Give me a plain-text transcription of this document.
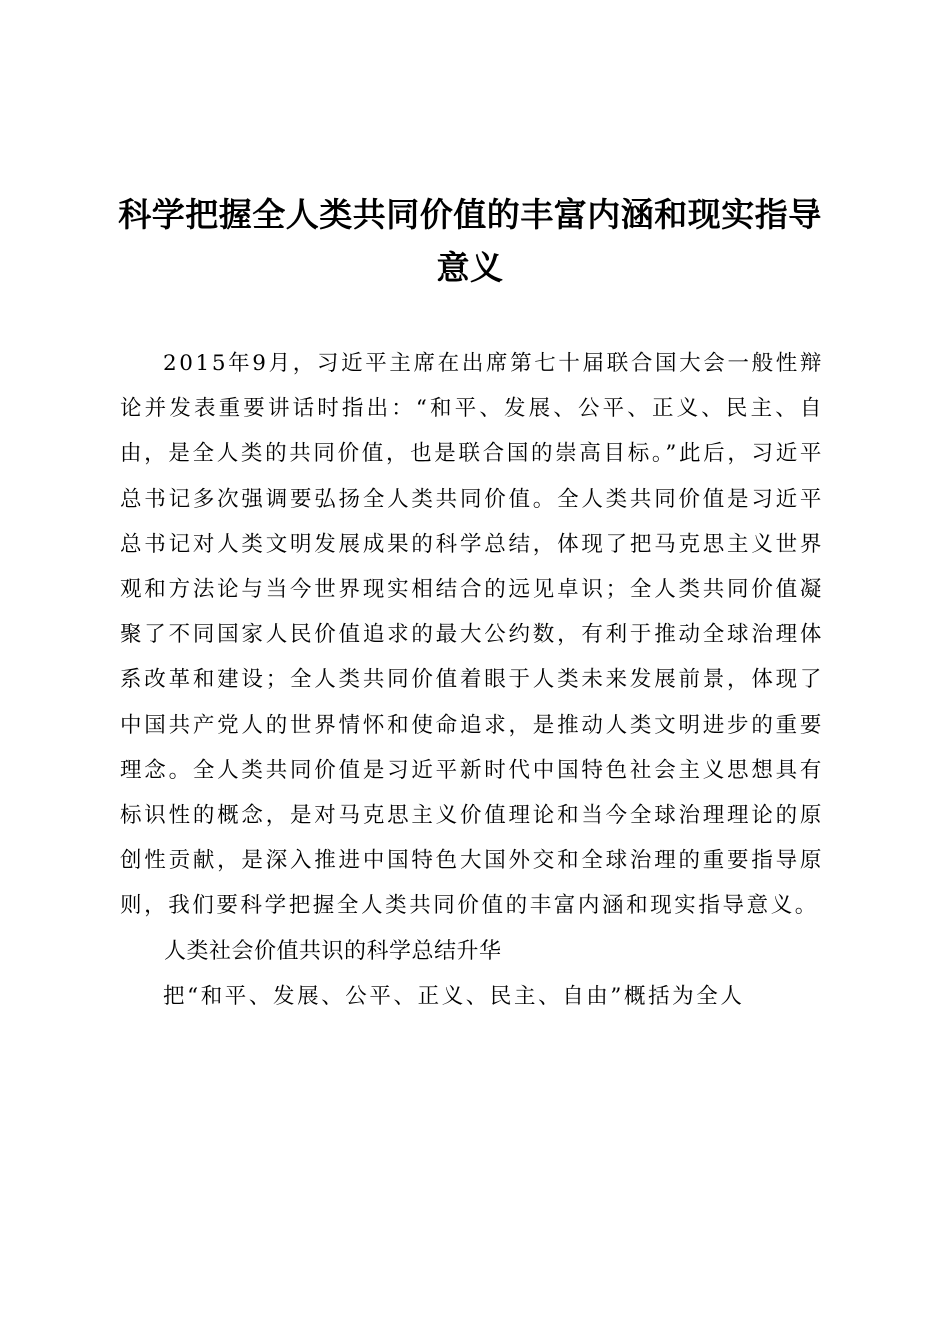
科学把握全人类共同价值的丰富内涵和现实指导意义

2015年9月，习近平主席在出席第七十届联合国大会一般性辩论并发表重要讲话时指出：“和平、发展、公平、正义、民主、自由，是全人类的共同价值，也是联合国的崇高目标。”此后，习近平总书记多次强调要弘扬全人类共同价值。全人类共同价值是习近平总书记对人类文明发展成果的科学总结，体现了把马克思主义世界观和方法论与当今世界现实相结合的远见卓识；全人类共同价值凝聚了不同国家人民价值追求的最大公约数，有利于推动全球治理体系改革和建设；全人类共同价值着眼于人类未来发展前景，体现了中国共产党人的世界情怀和使命追求，是推动人类文明进步的重要理念。全人类共同价值是习近平新时代中国特色社会主义思想具有标识性的概念，是对马克思主义价值理论和当今全球治理理论的原创性贡献，是深入推进中国特色大国外交和全球治理的重要指导原则，我们要科学把握全人类共同价值的丰富内涵和现实指导意义。

人类社会价值共识的科学总结升华

把“和平、发展、公平、正义、民主、自由”概括为全人
